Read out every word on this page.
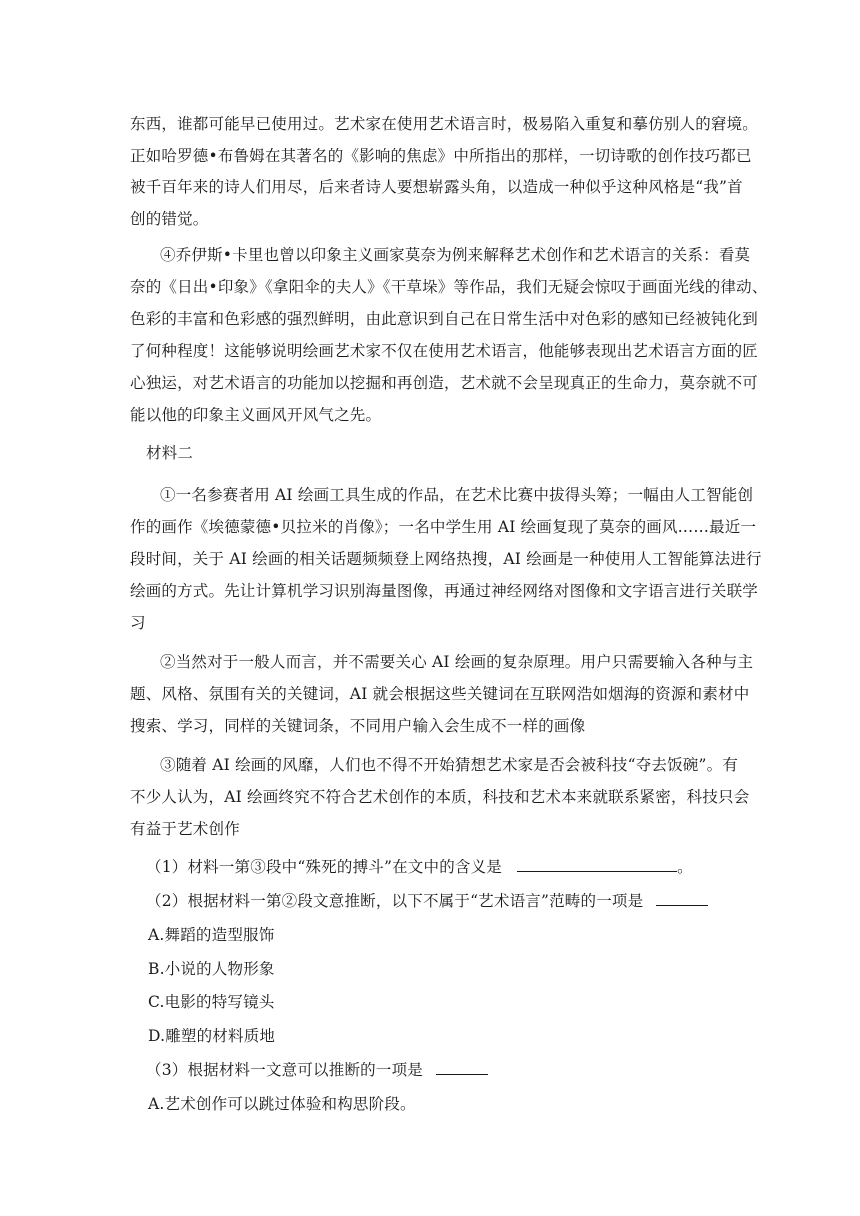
东西，谁都可能早已使用过。艺术家在使用艺术语言时，极易陷入重复和摹仿别人的窘境。
正如哈罗德•布鲁姆在其著名的《影响的焦虑》中所指出的那样，一切诗歌的创作技巧都已
被千百年来的诗人们用尽，后来者诗人要想崭露头角，以造成一种似乎这种风格是“我”首
创的错觉。
④乔伊斯•卡里也曾以印象主义画家莫奈为例来解释艺术创作和艺术语言的关系：看莫
奈的《日出•印象》《拿阳伞的夫人》《干草垛》等作品，我们无疑会惊叹于画面光线的律动、
色彩的丰富和色彩感的强烈鲜明，由此意识到自己在日常生活中对色彩的感知已经被钝化到
了何种程度！这能够说明绘画艺术家不仅在使用艺术语言，他能够表现出艺术语言方面的匠
心独运，对艺术语言的功能加以挖掘和再创造，艺术就不会呈现真正的生命力，莫奈就不可
能以他的印象主义画风开风气之先。
材料二
①一名参赛者用 AI 绘画工具生成的作品，在艺术比赛中拔得头筹；一幅由人工智能创
作的画作《埃德蒙德•贝拉米的肖像》；一名中学生用 AI 绘画复现了莫奈的画风……最近一
段时间，关于 AI 绘画的相关话题频频登上网络热搜，AI 绘画是一种使用人工智能算法进行
绘画的方式。先让计算机学习识别海量图像，再通过神经网络对图像和文字语言进行关联学
习
②当然对于一般人而言，并不需要关心 AI 绘画的复杂原理。用户只需要输入各种与主
题、风格、氛围有关的关键词，AI 就会根据这些关键词在互联网浩如烟海的资源和素材中
搜索、学习，同样的关键词条，不同用户输入会生成不一样的画像
③随着 AI 绘画的风靡，人们也不得不开始猜想艺术家是否会被科技“夺去饭碗”。有
不少人认为，AI 绘画终究不符合艺术创作的本质，科技和艺术本来就联系紧密，科技只会
有益于艺术创作
（1）材料一第③段中“殊死的搏斗”在文中的含义是	。
（2）根据材料一第②段文意推断，以下不属于“艺术语言”范畴的一项是
A.舞蹈的造型服饰
B.小说的人物形象
C.电影的特写镜头
D.雕塑的材料质地
（3）根据材料一文意可以推断的一项是
A.艺术创作可以跳过体验和构思阶段。
